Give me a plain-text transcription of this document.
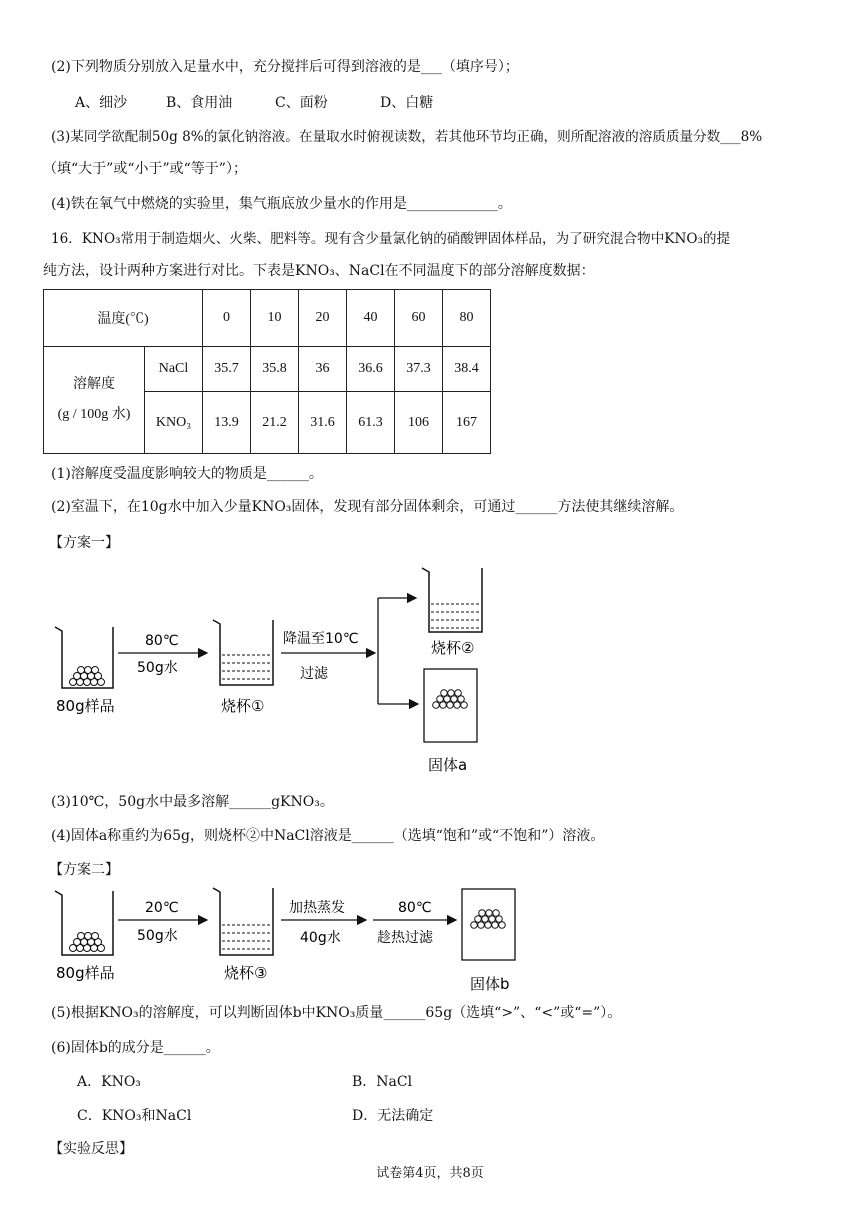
(2)下列物质分别放入足量水中，充分搅拌后可得到溶液的是___（填序号）；
A、细沙	B、食用油	C、面粉	D、白糖
(3)某同学欲配制50g 8%的氯化钠溶液。在量取水时俯视读数，若其他环节均正确，则所配溶液的溶质质量分数___8%
（填“大于”或“小于”或“等于”）；
(4)铁在氧气中燃烧的实验里，集气瓶底放少量水的作用是_____________。
16．KNO₃常用于制造烟火、火柴、肥料等。现有含少量氯化钠的硝酸钾固体样品，为了研究混合物中KNO₃的提
纯方法，设计两种方案进行对比。下表是KNO₃、NaCl在不同温度下的部分溶解度数据：
温度(℃)		0	10	20	40	60	80

溶解度
(g / 100g 水)	NaCl	35.7	35.8	36	36.6	37.3	38.4
	KNO₃	13.9	21.2	31.6	61.3	106	167
(1)溶解度受温度影响较大的物质是______。
(2)室温下，在10g水中加入少量KNO₃固体，发现有部分固体剩余，可通过______方法使其继续溶解。
【方案一】
80g样品
80℃
50g水
烧杯①
降温至10℃
过滤
烧杯②
固体a
(3)10℃，50g水中最多溶解______gKNO₃。
(4)固体a称重约为65g，则烧杯②中NaCl溶液是______（选填“饱和”或“不饱和”）溶液。
【方案二】
80g样品
20℃
50g水
烧杯③
加热蒸发
40g水
80℃
趁热过滤
固体b
(5)根据KNO₃的溶解度，可以判断固体b中KNO₃质量______65g（选填“>”、“<”或“=”）。
(6)固体b的成分是______。
A．KNO₃	B．NaCl
C．KNO₃和NaCl	D．无法确定
【实验反思】
试卷第4页，共8页
